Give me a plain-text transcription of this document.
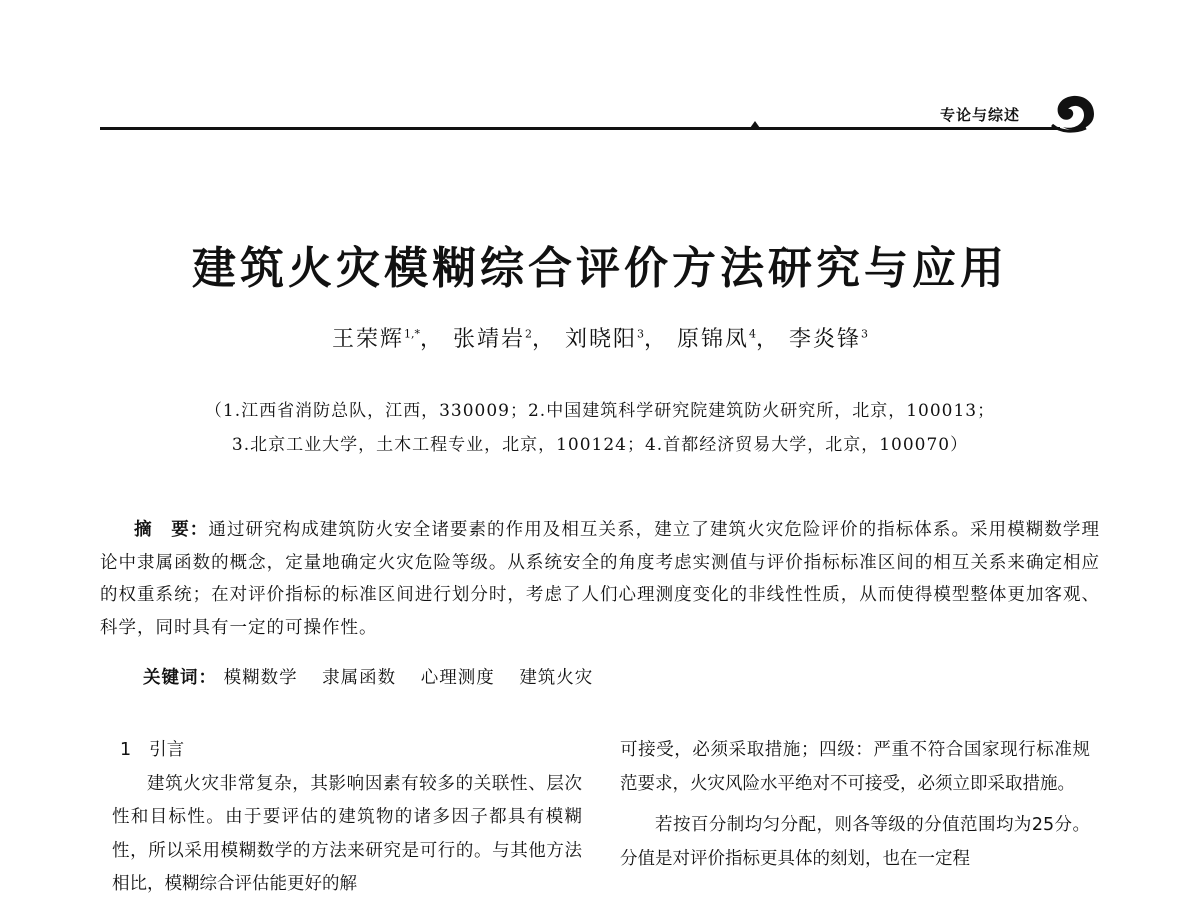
专论与综述
建筑火灾模糊综合评价方法研究与应用
王荣辉$^{1,*}$， 张靖岩$^2$， 刘晓阳$^3$， 原锦凤$^4$， 李炎锋$^3$
（1.江西省消防总队，江西，330009；2.中国建筑科学研究院建筑防火研究所，北京，100013；
3.北京工业大学，土木工程专业，北京，100124；4.首都经济贸易大学，北京，100070）
摘　要：通过研究构成建筑防火安全诸要素的作用及相互关系，建立了建筑火灾危险评价的指标体系。采用模糊数学理论中隶属函数的概念，定量地确定火灾危险等级。从系统安全的角度考虑实测值与评价指标标准区间的相互关系来确定相应的权重系统；在对评价指标的标准区间进行划分时，考虑了人们心理测度变化的非线性性质，从而使得模型整体更加客观、科学，同时具有一定的可操作性。
关键词： 模糊数学 隶属函数 心理测度 建筑火灾

1 引言

建筑火灾非常复杂，其影响因素有较多的关联性、层次性和目标性。由于要评估的建筑物的诸多因子都具有模糊性，所以采用模糊数学的方法来研究是可行的。与其他方法相比，模糊综合评估能更好的解

可接受，必须采取措施；四级：严重不符合国家现行标准规范要求，火灾风险水平绝对不可接受，必须立即采取措施。

若按百分制均匀分配，则各等级的分值范围均为25分。分值是对评价指标更具体的刻划，也在一定程
